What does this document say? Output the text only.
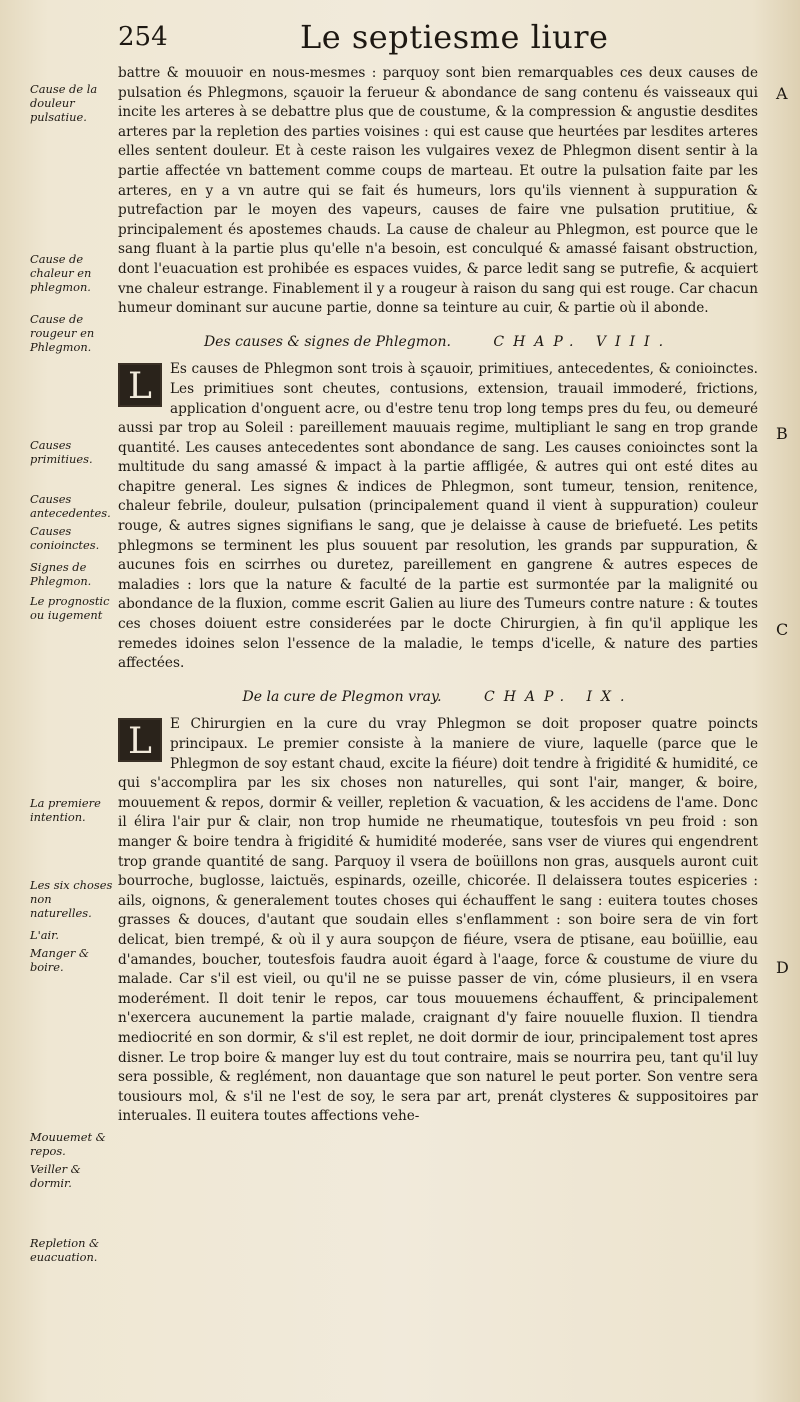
254	Le septiesme liure
Cause de la douleur pulsatiue.
Cause de chaleur en phlegmon.
Cause de rougeur en Phlegmon.
Causes primitiues.
Causes antecedentes.
Causes conioinctes.
Signes de Phlegmon.
Le prognostic ou iugement
La premiere intention.
Les six choses non naturelles.
L'air.
Manger & boire.
Mouuemet & repos.
Veiller & dormir.
Repletion & euacuation.
A
B
C
D

battre & mouuoir en nous-mesmes : parquoy sont bien remarquables ces deux causes de pulsation és Phlegmons, sçauoir la ferueur & abondance de sang contenu és vaisseaux qui incite les arteres à se debattre plus que de coustume, & la compression & angustie desdites arteres par la repletion des parties voisines : qui est cause que heurtées par lesdites arteres elles sentent douleur. Et à ceste raison les vulgaires vexez de Phlegmon disent sentir à la partie affectée vn battement comme coups de marteau. Et outre la pulsation faite par les arteres, en y a vn autre qui se fait és humeurs, lors qu'ils viennent à suppuration & putrefaction par le moyen des vapeurs, causes de faire vne pulsation prutitiue, & principalement és apostemes chauds. La cause de chaleur au Phlegmon, est pource que le sang fluant à la partie plus qu'elle n'a besoin, est conculqué & amassé faisant obstruction, dont l'euacuation est prohibée es espaces vuides, & parce ledit sang se putrefie, & acquiert vne chaleur estrange. Finablement il y a rougeur à raison du sang qui est rouge. Car chacun humeur dominant sur aucune partie, donne sa teinture au cuir, & partie où il abonde.

Des causes & signes de Phlegmon.	CHAP. VIII.

L	Es causes de Phlegmon sont trois à sçauoir, primitiues, antecedentes, & conioinctes. Les primitiues sont cheutes, contusions, extension, trauail immoderé, frictions, application d'onguent acre, ou d'estre tenu trop long temps pres du feu, ou demeuré aussi par trop au Soleil : pareillement mauuais regime, multipliant le sang en trop grande quantité. Les causes antecedentes sont abondance de sang. Les causes conioinctes sont la multitude du sang amassé & impact à la partie affligée, & autres qui ont esté dites au chapitre general. Les signes & indices de Phlegmon, sont tumeur, tension, renitence, chaleur febrile, douleur, pulsation (principalement quand il vient à suppuration) couleur rouge, & autres signes signifians le sang, que je delaisse à cause de briefueté. Les petits phlegmons se terminent les plus souuent par resolution, les grands par suppuration, & aucunes fois en scirrhes ou duretez, pareillement en gangrene & autres especes de maladies : lors que la nature & faculté de la partie est surmontée par la malignité ou abondance de la fluxion, comme escrit Galien au liure des Tumeurs contre nature : & toutes ces choses doiuent estre considerées par le docte Chirurgien, à fin qu'il applique les remedes idoines selon l'essence de la maladie, le temps d'icelle, & nature des parties affectées.

De la cure de Plegmon vray.	CHAP. IX.

L	E Chirurgien en la cure du vray Phlegmon se doit proposer quatre poincts principaux. Le premier consiste à la maniere de viure, laquelle (parce que le Phlegmon de soy estant chaud, excite la fiéure) doit tendre à frigidité & humidité, ce qui s'accomplira par les six choses non naturelles, qui sont l'air, manger, & boire, mouuement & repos, dormir & veiller, repletion & vacuation, & les accidens de l'ame. Donc il élira l'air pur & clair, non trop humide ne rheumatique, toutesfois vn peu froid : son manger & boire tendra à frigidité & humidité moderée, sans vser de viures qui engendrent trop grande quantité de sang. Parquoy il vsera de boüillons non gras, ausquels auront cuit bourroche, buglosse, laictuës, espinards, ozeille, chicorée. Il delaissera toutes espiceries : ails, oignons, & generalement toutes choses qui échauffent le sang : euitera toutes choses grasses & douces, d'autant que soudain elles s'enflamment : son boire sera de vin fort delicat, bien trempé, & où il y aura soupçon de fiéure, vsera de ptisane, eau boüillie, eau d'amandes, boucher, toutesfois faudra auoit égard à l'aage, force & coustume de viure du malade. Car s'il est vieil, ou qu'il ne se puisse passer de vin, cóme plusieurs, il en vsera moderément. Il doit tenir le repos, car tous mouuemens échauffent, & principalement n'exercera aucunement la partie malade, craignant d'y faire nouuelle fluxion. Il tiendra mediocrité en son dormir, & s'il est replet, ne doit dormir de iour, principalement tost apres disner. Le trop boire & manger luy est du tout contraire, mais se nourrira peu, tant qu'il luy sera possible, & reglément, non dauantage que son naturel le peut porter. Son ventre sera tousiours mol, & s'il ne l'est de soy, le sera par art, prenát clysteres & suppositoires par interuales. Il euitera toutes affections vehe-
